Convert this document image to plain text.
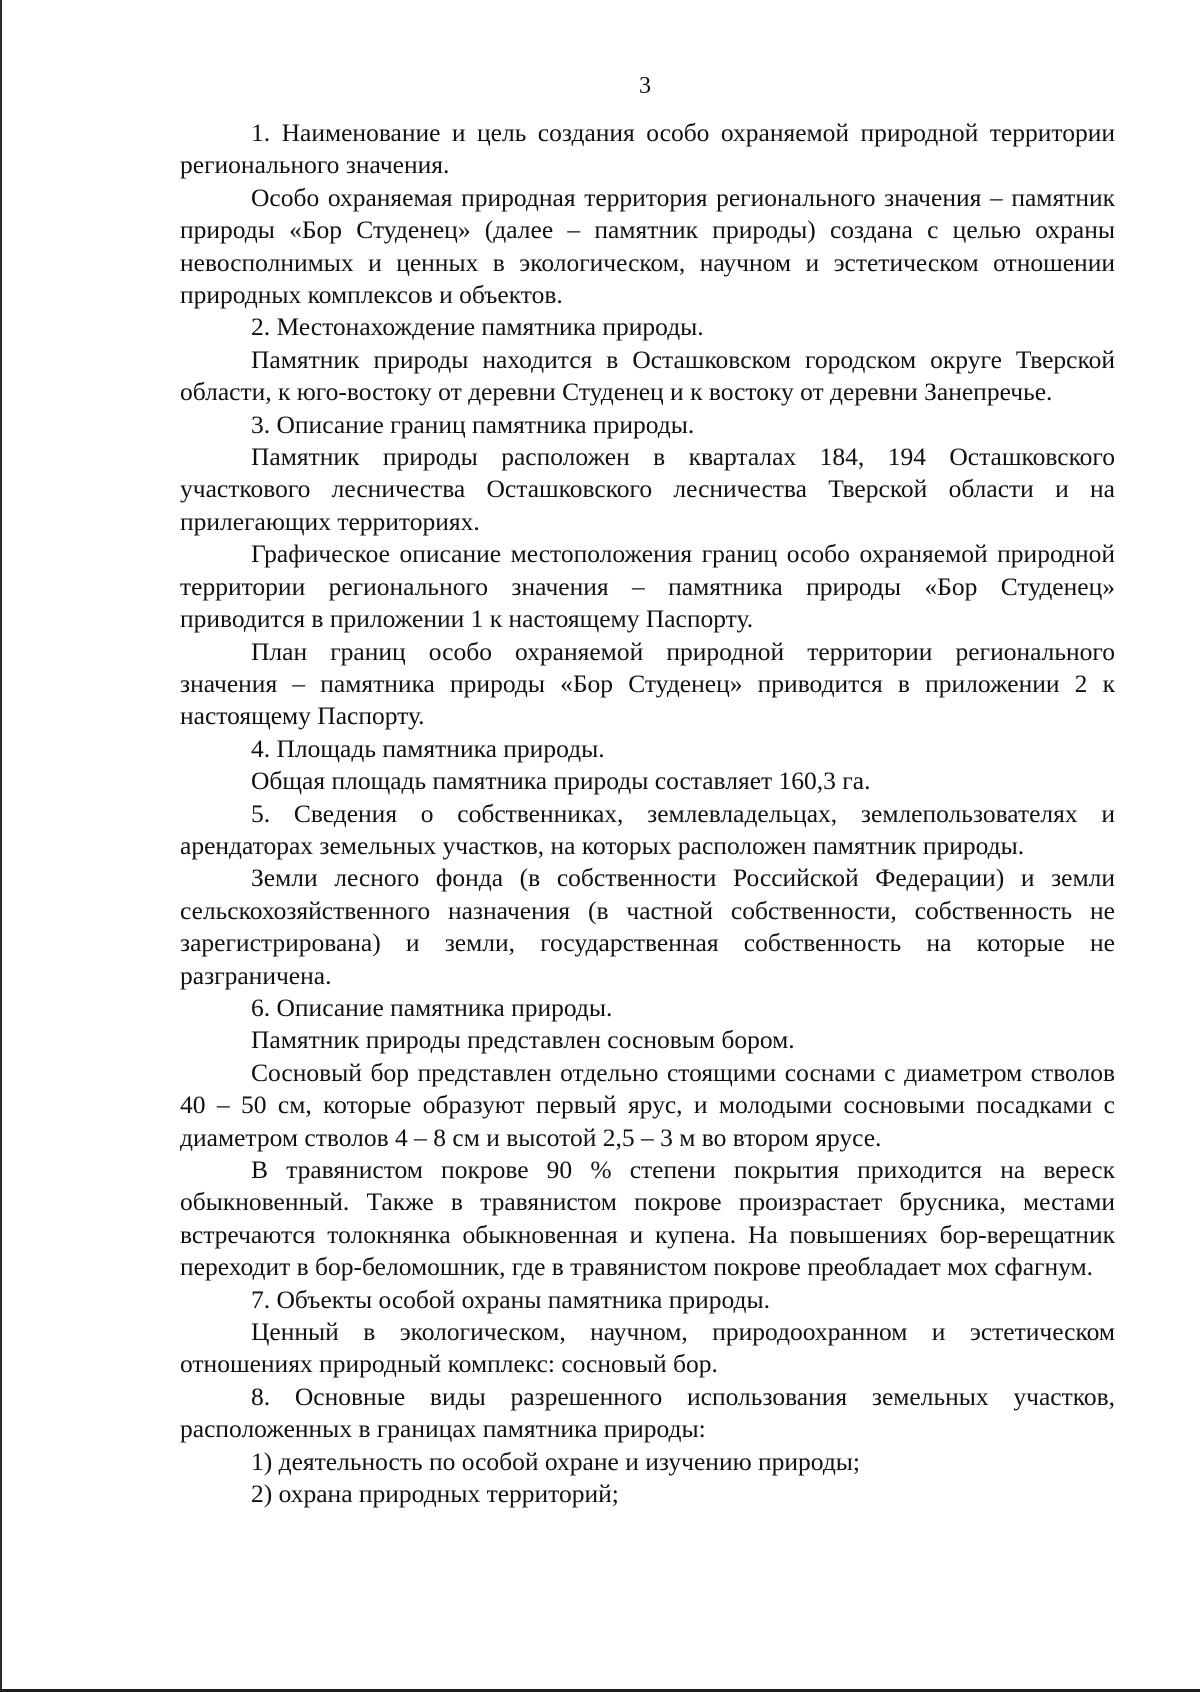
3

1. Наименование и цель создания особо охраняемой природной территории регионального значения.

Особо охраняемая природная территория регионального значения – памятник природы «Бор Студенец» (далее – памятник природы) создана с целью охраны невосполнимых и ценных в экологическом, научном и эстетическом отношении природных комплексов и объектов.

2. Местонахождение памятника природы.

Памятник природы находится в Осташковском городском округе Тверской области, к юго-востоку от деревни Студенец и к востоку от деревни Занепречье.

3. Описание границ памятника природы.

Памятник природы расположен в кварталах 184, 194 Осташковского участкового лесничества Осташковского лесничества Тверской области и на прилегающих территориях.

Графическое описание местоположения границ особо охраняемой природной территории регионального значения – памятника природы «Бор Студенец» приводится в приложении 1 к настоящему Паспорту.

План границ особо охраняемой природной территории регионального значения – памятника природы «Бор Студенец» приводится в приложении 2 к настоящему Паспорту.

4. Площадь памятника природы.

Общая площадь памятника природы составляет 160,3 га.

5. Сведения о собственниках, землевладельцах, землепользователях и арендаторах земельных участков, на которых расположен памятник природы.

Земли лесного фонда (в собственности Российской Федерации) и земли сельскохозяйственного назначения (в частной собственности, собственность не зарегистрирована) и земли, государственная собственность на которые не разграничена.

6. Описание памятника природы.

Памятник природы представлен сосновым бором.

Сосновый бор представлен отдельно стоящими соснами с диаметром стволов 40 – 50 см, которые образуют первый ярус, и молодыми сосновыми посадками с диаметром стволов 4 – 8 см и высотой 2,5 – 3 м во втором ярусе.

В травянистом покрове 90 % степени покрытия приходится на вереск обыкновенный. Также в травянистом покрове произрастает брусника, местами встречаются толокнянка обыкновенная и купена. На повышениях бор-верещатник переходит в бор-беломошник, где в травянистом покрове преобладает мох сфагнум.

7. Объекты особой охраны памятника природы.

Ценный в экологическом, научном, природоохранном и эстетическом отношениях природный комплекс: сосновый бор.

8. Основные виды разрешенного использования земельных участков, расположенных в границах памятника природы:

1) деятельность по особой охране и изучению природы;

2) охрана природных территорий;
